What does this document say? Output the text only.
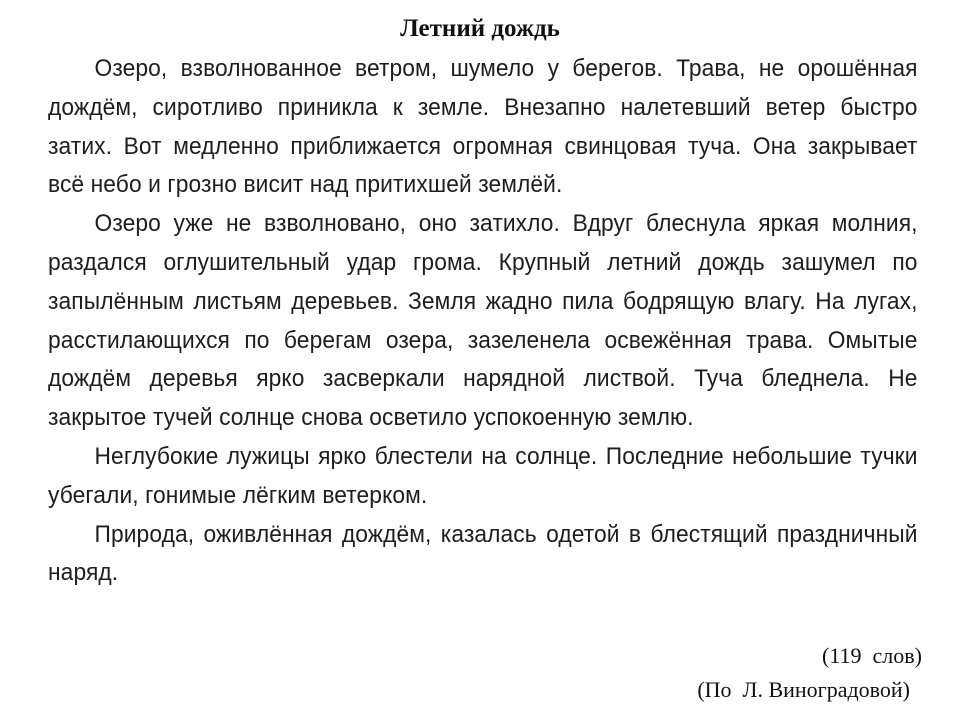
Летний дождь

Озеро, взволнованное ветром, шумело у берегов. Трава, не орошённая дождём, сиротливо приникла к земле. Внезапно налетевший ветер быстро затих. Вот медленно приближается огромная свинцовая туча. Она закрывает всё небо и грозно висит над притихшей землёй.

Озеро уже не взволновано, оно затихло. Вдруг блеснула яркая молния, раздался оглушительный удар грома. Крупный летний дождь зашумел по запылённым листьям деревьев. Земля жадно пила бодрящую влагу. На лугах, расстилающихся по берегам озера, зазеленела освежённая трава. Омытые дождём деревья ярко засверкали нарядной листвой. Туча бледнела. Не закрытое тучей солнце снова осветило успокоенную землю.

Неглубокие лужицы ярко блестели на солнце. Последние небольшие тучки убегали, гонимые лёгким ветерком.

Природа, оживлённая дождём, казалась одетой в блестящий праздничный наряд.

(119  слов)
(По  Л. Виноградовой)
